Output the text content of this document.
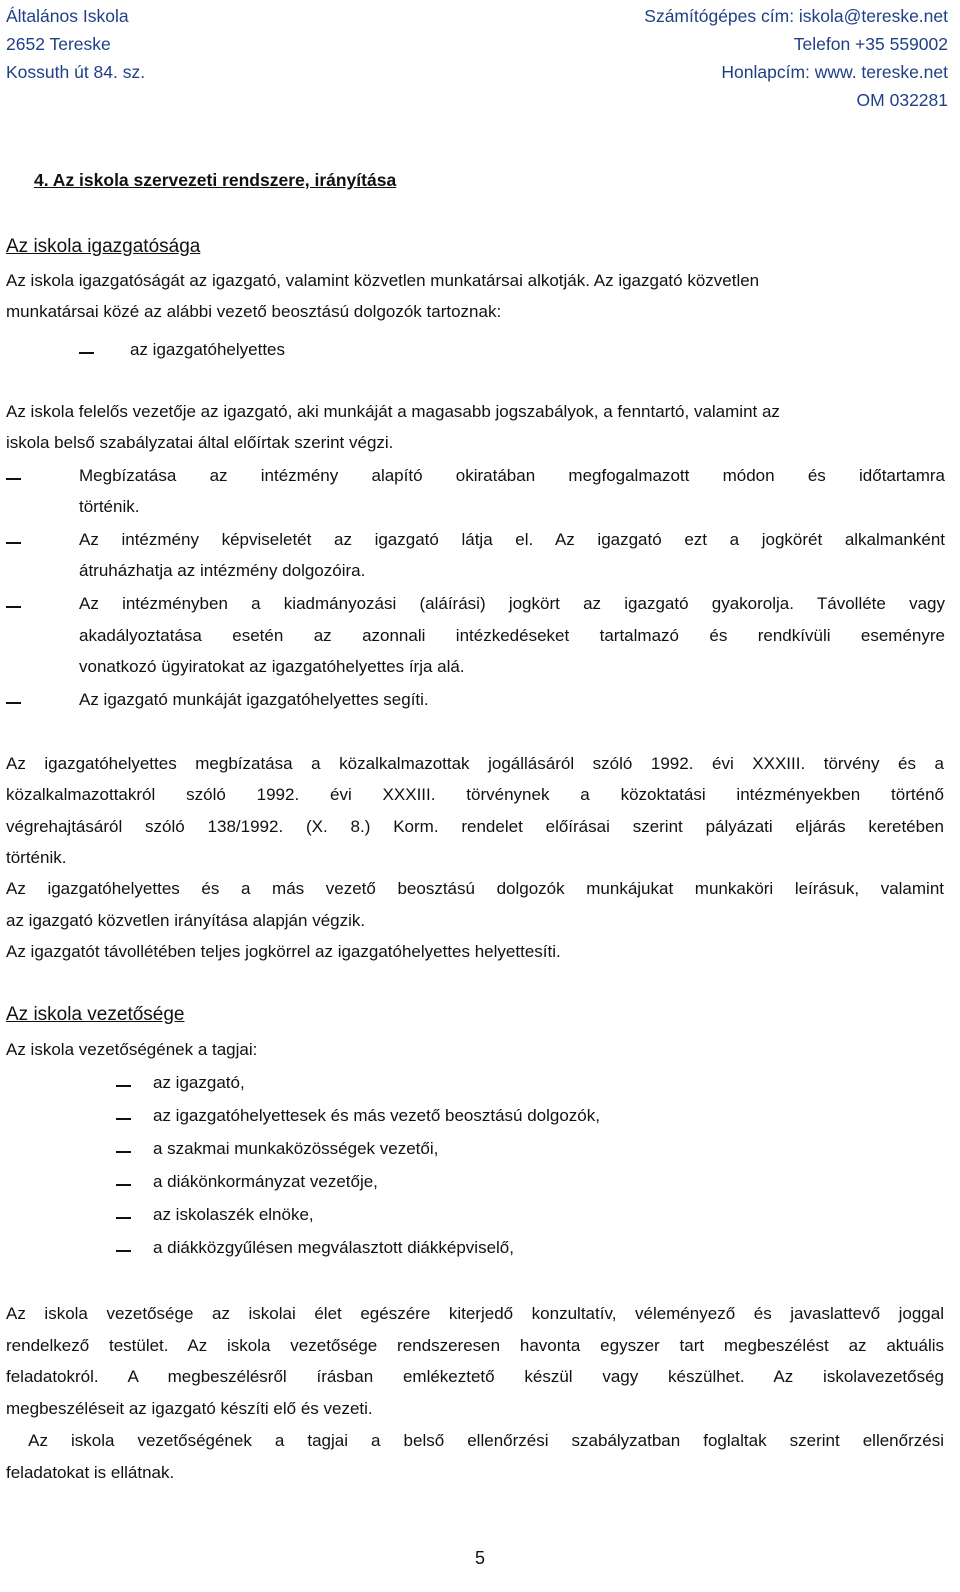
Általános Iskola
2652 Tereske
Kossuth út 84. sz.
Számítógépes cím: iskola@tereske.net
Telefon +35 559002
Honlapcím: www. tereske.net
OM 032281
4. Az iskola szervezeti rendszere, irányítása
Az iskola igazgatósága
Az iskola igazgatóságát az igazgató, valamint közvetlen munkatársai alkotják. Az igazgató közvetlen
munkatársai közé az alábbi vezető beosztású dolgozók tartoznak:
az igazgatóhelyettes
Az iskola felelős vezetője az igazgató, aki munkáját a magasabb jogszabályok, a fenntartó, valamint az
iskola belső szabályzatai által előírtak szerint végzi.
Megbízatása az intézmény alapító okiratában megfogalmazott módon és időtartamra
történik.
Az intézmény képviseletét az igazgató látja el. Az igazgató ezt a jogkörét alkalmanként
átruházhatja az intézmény dolgozóira.
Az intézményben a kiadmányozási (aláírási) jogkört az igazgató gyakorolja. Távolléte vagy
akadályoztatása esetén az azonnali intézkedéseket tartalmazó és rendkívüli eseményre
vonatkozó ügyiratokat az igazgatóhelyettes írja alá.
Az igazgató munkáját igazgatóhelyettes segíti.
Az igazgatóhelyettes megbízatása a közalkalmazottak jogállásáról szóló 1992. évi XXXIII. törvény és a
közalkalmazottakról szóló 1992. évi XXXIII. törvénynek a közoktatási intézményekben történő
végrehajtásáról szóló 138/1992. (X. 8.) Korm. rendelet előírásai szerint pályázati eljárás keretében
történik.
Az igazgatóhelyettes és a más vezető beosztású dolgozók munkájukat munkaköri leírásuk, valamint
az igazgató közvetlen irányítása alapján végzik.
Az igazgatót távollétében teljes jogkörrel az igazgatóhelyettes helyettesíti.
Az iskola vezetősége
Az iskola vezetőségének a tagjai:
az igazgató,
az igazgatóhelyettesek és más vezető beosztású dolgozók,
a szakmai munkaközösségek vezetői,
a diákönkormányzat vezetője,
az iskolaszék elnöke,
a diákközgyűlésen megválasztott diákképviselő,
Az iskola vezetősége az iskolai élet egészére kiterjedő konzultatív, véleményező és javaslattevő joggal
rendelkező testület. Az iskola vezetősége rendszeresen havonta egyszer tart megbeszélést az aktuális
feladatokról. A megbeszélésről írásban emlékeztető készül vagy készülhet. Az iskolavezetőség
megbeszéléseit az igazgató készíti elő és vezeti.
Az iskola vezetőségének a tagjai a belső ellenőrzési szabályzatban foglaltak szerint ellenőrzési
feladatokat is ellátnak.
5
